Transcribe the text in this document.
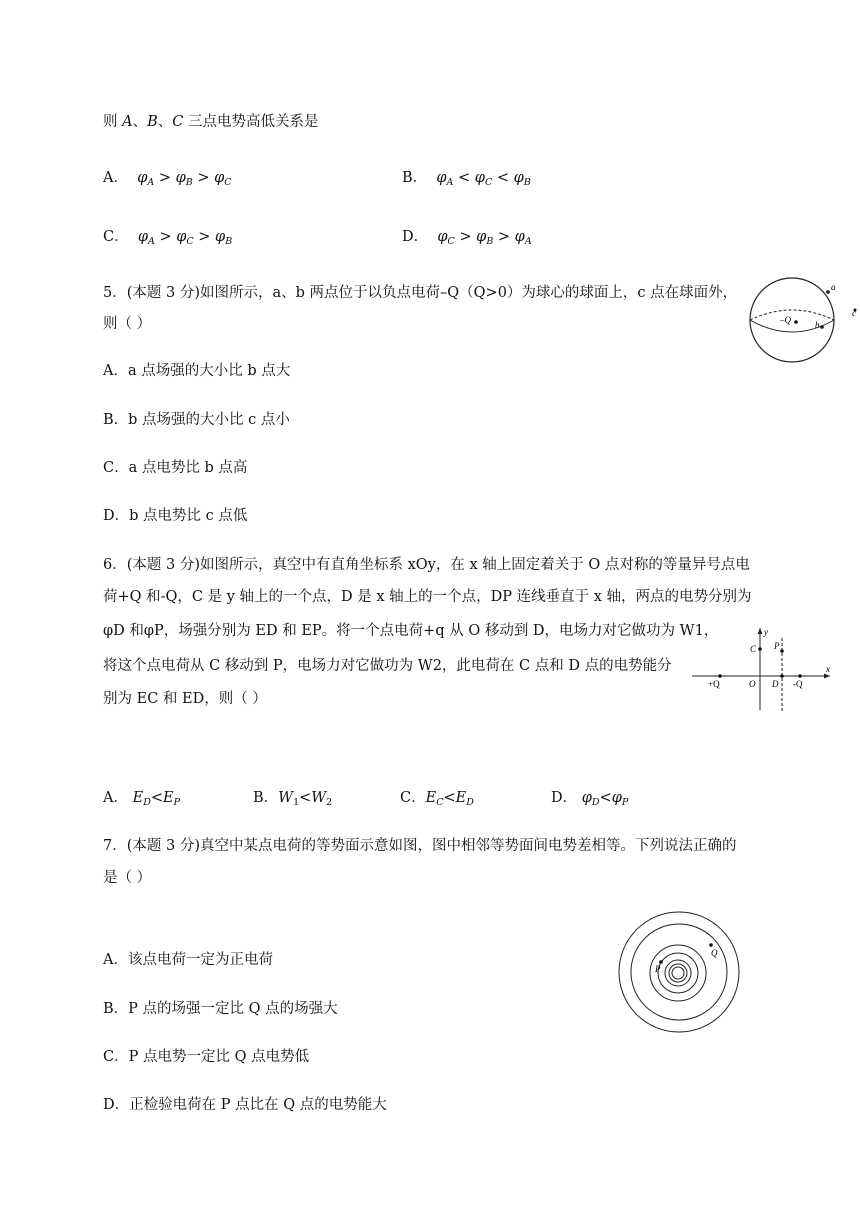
则 A、B、C 三点电势高低关系是
A．  $\varphi_A > \varphi_B > \varphi_C$	B．  $\varphi_A < \varphi_C < \varphi_B$
C．  $\varphi_A > \varphi_C > \varphi_B$	D．  $\varphi_C > \varphi_B > \varphi_A$
5．(本题 3 分)如图所示，a、b 两点位于以负点电荷–Q（Q>0）为球心的球面上，c 点在球面外，
则（ ）
a
–Q	b
c
A．a 点场强的大小比 b 点大
B．b 点场强的大小比 c 点小
C．a 点电势比 b 点高
D．b 点电势比 c 点低
6．(本题 3 分)如图所示，真空中有直角坐标系 xOy，在 x 轴上固定着关于 O 点对称的等量异号点电
荷+Q 和-Q，C 是 y 轴上的一个点，D 是 x 轴上的一个点，DP 连线垂直于 x 轴，两点的电势分别为
φD 和φP，场强分别为 ED 和 EP。将一个点电荷+q 从 O 移动到 D，电场力对它做功为 W1，
将这个点电荷从 C 移动到 P，电场力对它做功为 W2，此电荷在 C 点和 D 点的电势能分
别为 EC 和 ED，则（ ）
y
x
C P
+Q	O D -Q
A． $E_D<E_P$	B．$W_1<W_2$	C．$E_C<E_D$	D． $\varphi_D<\varphi_P$
7．(本题 3 分)真空中某点电荷的等势面示意如图，图中相邻等势面间电势差相等。下列说法正确的
是（ ）
P
Q
A．该点电荷一定为正电荷
B．P 点的场强一定比 Q 点的场强大
C．P 点电势一定比 Q 点电势低
D．正检验电荷在 P 点比在 Q 点的电势能大
